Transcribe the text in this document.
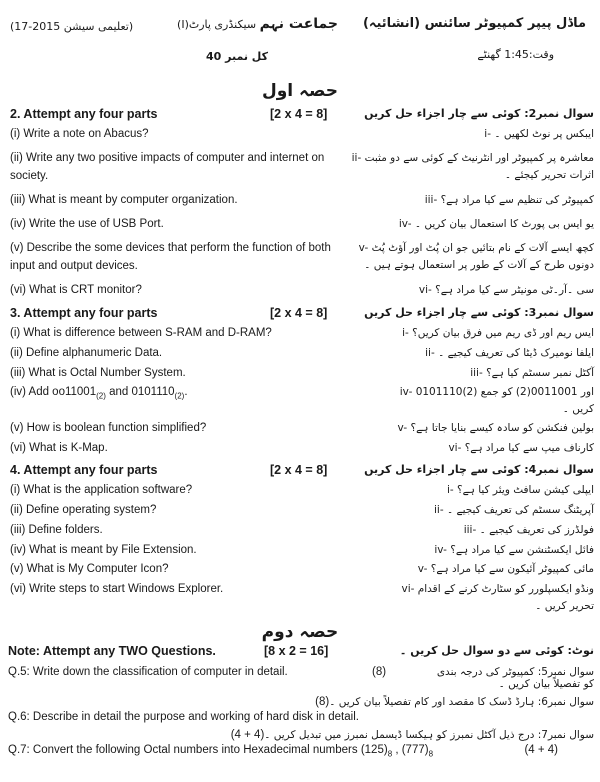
ماڈل پیپر کمپیوٹر سائنس (انشائیہ)
وقت:1:45 گھنٹے
جماعت نہم سیکنڈری پارٹ(I)
(تعلیمی سیشن 2015-17)
کل نمبر 40
حصہ اول
2. Attempt any four parts	[2 x 4 = 8]	سوال نمبر2: کوئی سے چار اجزاء حل کریں
(i) Write a note on Abacus?	i- ایبکس پر نوٹ لکھیں ۔
(ii) Write any two positive impacts of computer and internet on society.
ii- معاشرہ پر کمپیوٹر اور انٹرنیٹ کے کوئی سے دو مثبت اثرات تحریر کیجئے ۔
(iii) What is meant by computer organization.	iii- کمپیوٹر کی تنظیم سے کیا مراد ہے؟
(iv) Write the use of USB Port.	iv- یو ایس بی پورٹ کا استعمال بیان کریں ۔
(v) Describe the some devices that perform the function of both input and output devices.
v- کچھ ایسے آلات کے نام بتائیں جو ان پُٹ اور آؤٹ پُٹ دونوں طرح کے آلات کے طور پر استعمال ہوتے ہیں ۔
(vi) What is CRT monitor?	vi- سی ۔آر۔ٹی مونیٹر سے کیا مراد ہے؟
3. Attempt any four parts	[2 x 4 = 8]	سوال نمبر3: کوئی سے چار اجزاء حل کریں
(i) What is difference between S-RAM and D-RAM?	i- ایس ریم اور ڈی ریم میں فرق بیان کریں؟
(ii) Define alphanumeric Data.	ii- ایلفا نومیرک ڈیٹا کی تعریف کیجیے ۔
(iii) What is Octal Number System.	iii- آکٹل نمبر سسٹم کیا ہے؟
(iv) Add $oo11001_{(2)}$ and $0101110_{(2)}$.	iv- 0101110(2) اور 0011001(2) کو جمع کریں ۔
(v) How is boolean function simplified?	v- بولین فنکشن کو سادہ کیسے بنایا جاتا ہے؟
(vi) What is K-Map.	vi- کارناف میپ سے کیا مراد ہے؟
4. Attempt any four parts	[2 x 4 = 8]	سوال نمبر4: کوئی سے چار اجزاء حل کریں
(i) What is the application software?	i- ایپلی کیشن سافٹ ویئر کیا ہے؟
(ii) Define operating system?	ii- آپریٹنگ سسٹم کی تعریف کیجیے ۔
(iii) Define folders.	iii- فولڈرز کی تعریف کیجیے ۔
(iv) What is meant by File Extension.	iv- فائل ایکسٹنشن سے کیا مراد ہے؟
(v) What is My Computer Icon?	v- مائی کمپیوٹر آئیکون سے کیا مراد ہے؟
(vi) Write steps to start Windows Explorer.	vi- ونڈو ایکسپلورر کو سٹارٹ کرنے کے اقدام تحریر کریں ۔
حصہ دوم
Note: Attempt any TWO Questions.	[8 x 2 = 16]	نوٹ: کوئی سے دو سوال حل کریں ۔
Q.5: Write down the classification of computer in detail.	(8)	سوال نمبر5: کمپیوٹر کی درجہ بندی کو تفصیلاً بیان کریں ۔
سوال نمبر6: ہارڈ ڈسک کا مقصد اور کام تفصیلاً بیان کریں ۔(8)
Q.6: Describe in detail the purpose and working of hard disk in detail.
سوال نمبر7: درج ذیل آکٹل نمبرز کو ہیکسا ڈیسمل نمبرز میں تبدیل کریں ۔(4 + 4)
Q.7: Convert the following Octal numbers into Hexadecimal numbers $(125)_8$ , $(777)_8$	(4 + 4)
